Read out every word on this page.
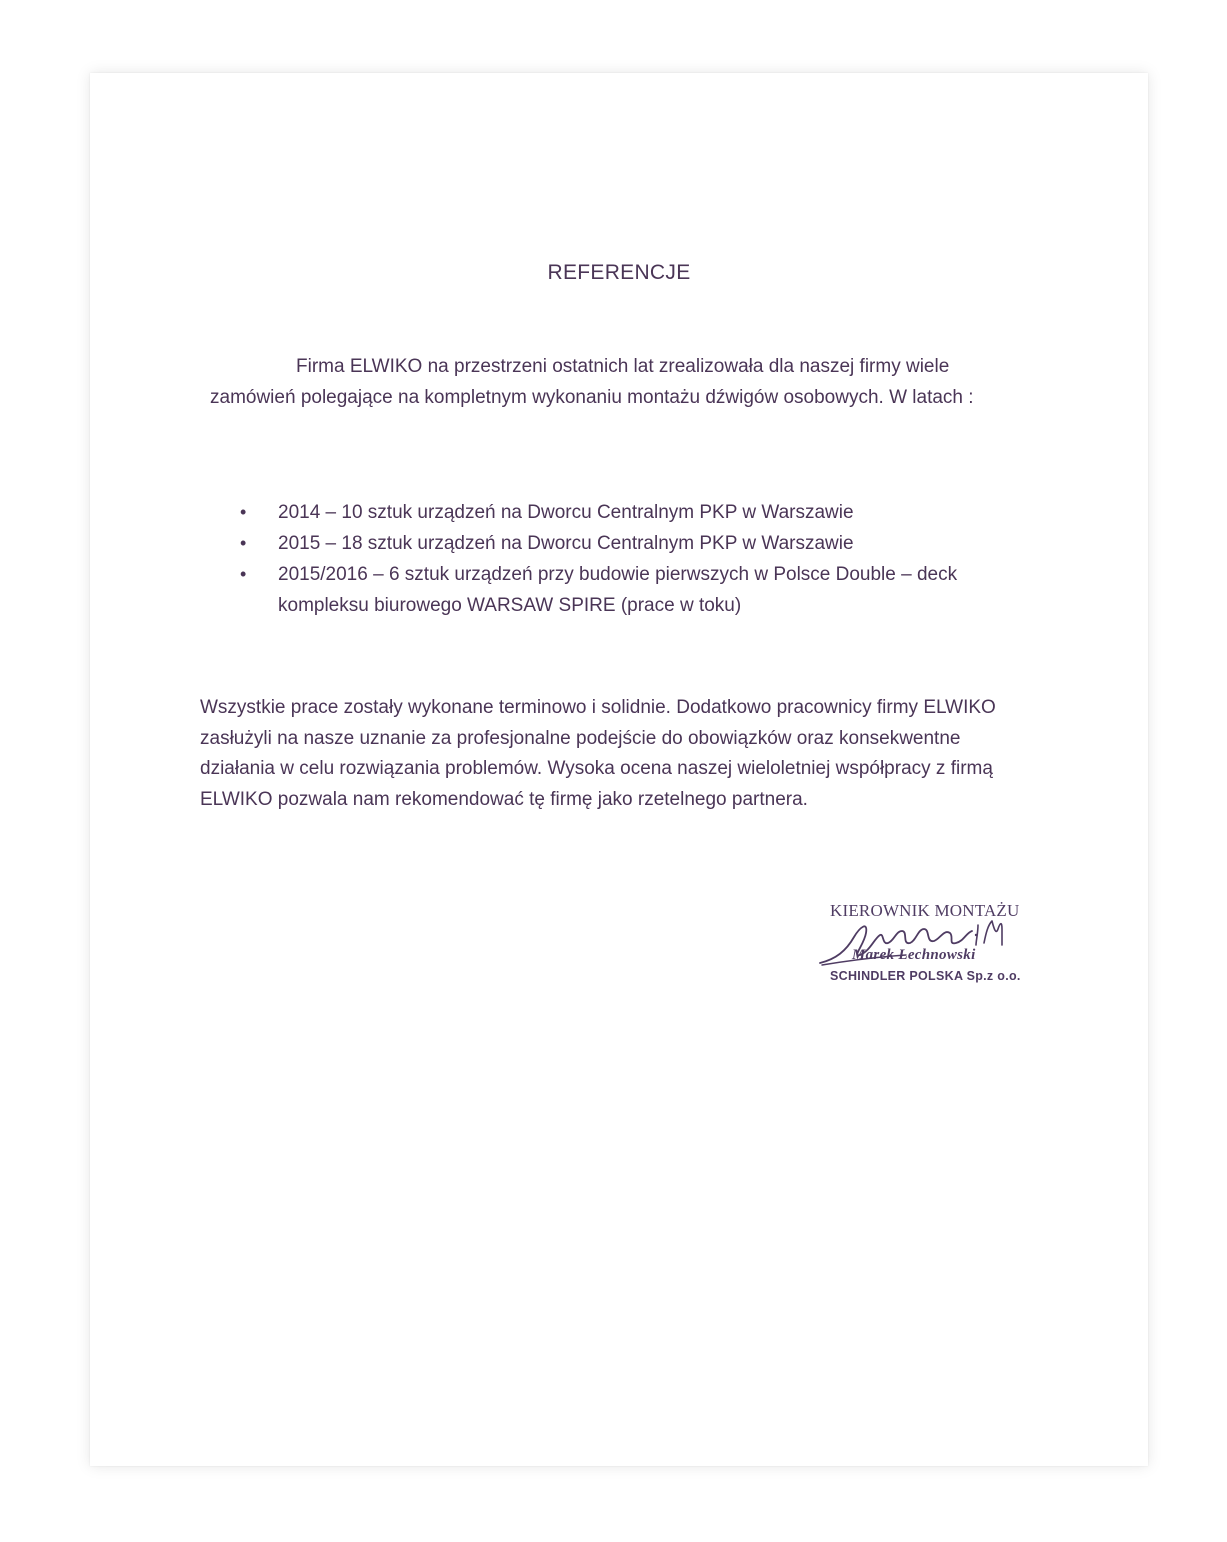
REFERENCJE
Firma ELWIKO na przestrzeni ostatnich lat zrealizowała dla naszej firmy wiele zamówień polegające na kompletnym wykonaniu montażu dźwigów osobowych. W latach :
• 2014 – 10 sztuk urządzeń na Dworcu Centralnym PKP w Warszawie
• 2015 – 18 sztuk urządzeń na Dworcu Centralnym PKP w Warszawie
• 2015/2016 – 6 sztuk urządzeń przy budowie pierwszych w Polsce Double – deck kompleksu biurowego WARSAW SPIRE (prace w toku)
Wszystkie prace zostały wykonane terminowo i solidnie. Dodatkowo pracownicy firmy ELWIKO zasłużyli na nasze uznanie za profesjonalne podejście do obowiązków oraz konsekwentne działania w celu rozwiązania problemów. Wysoka ocena naszej wieloletniej współpracy z firmą ELWIKO pozwala nam rekomendować tę firmę jako rzetelnego partnera.
KIEROWNIK MONTAŻU
Marek Lechnowski
SCHINDLER POLSKA Sp.z o.o.
